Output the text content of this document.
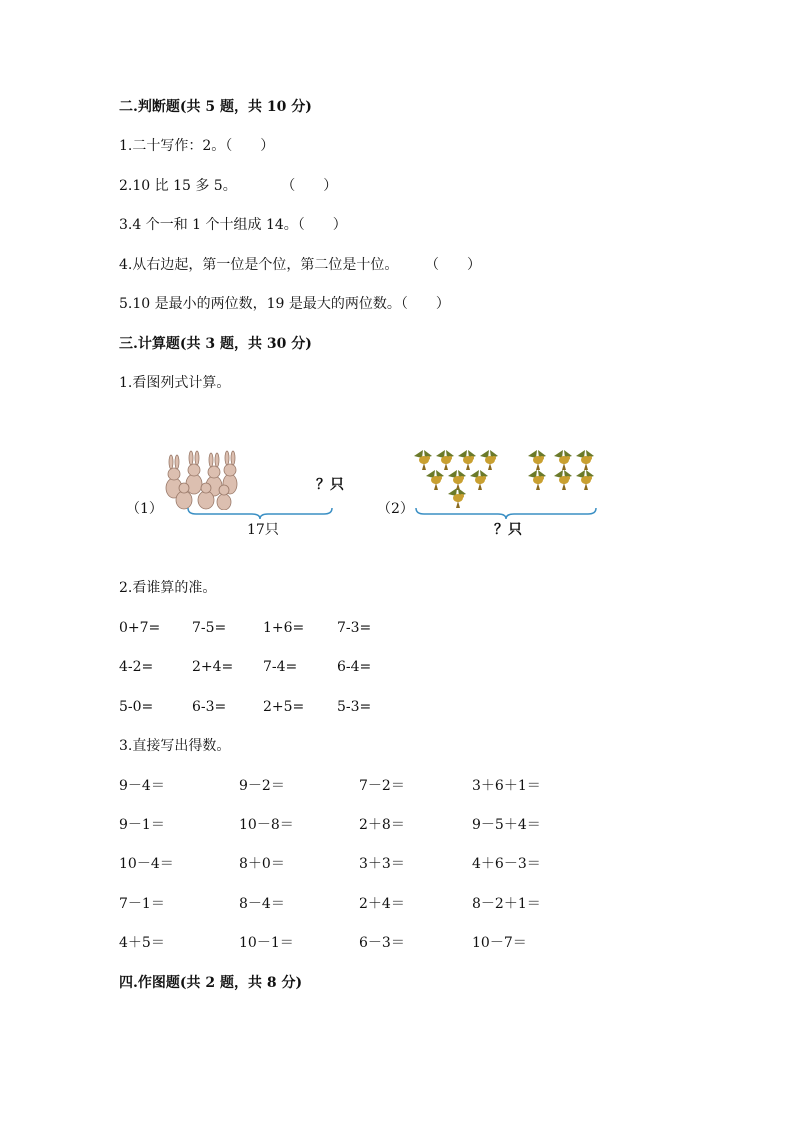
二.判断题(共 5 题，共 10 分)
1.二十写作：2。（　　）
2.10 比 15 多 5。          （　　）
3.4 个一和 1 个十组成 14。（　　）
4.从右边起，第一位是个位，第二位是十位。      （　　）
5.10 是最小的两位数，19 是最大的两位数。（　　）
三.计算题(共 3 题，共 30 分)
1.看图列式计算。
（1）
？只
17只
（2）
？只
2.看谁算的准。
0+7= 7-5=	1+6= 7-3=
4-2=	2+4= 7-4=	6-4=
5-0=	6-3=	2+5= 5-3=
3.直接写出得数。
9－4＝	9－2＝	7－2＝	3＋6＋1＝
9－1＝	10－8＝	2＋8＝	9－5＋4＝
10－4＝	8＋0＝	3＋3＝	4＋6－3＝
7－1＝	8－4＝	2＋4＝	8－2＋1＝
4＋5＝	10－1＝	6－3＝	10－7＝
四.作图题(共 2 题，共 8 分)
